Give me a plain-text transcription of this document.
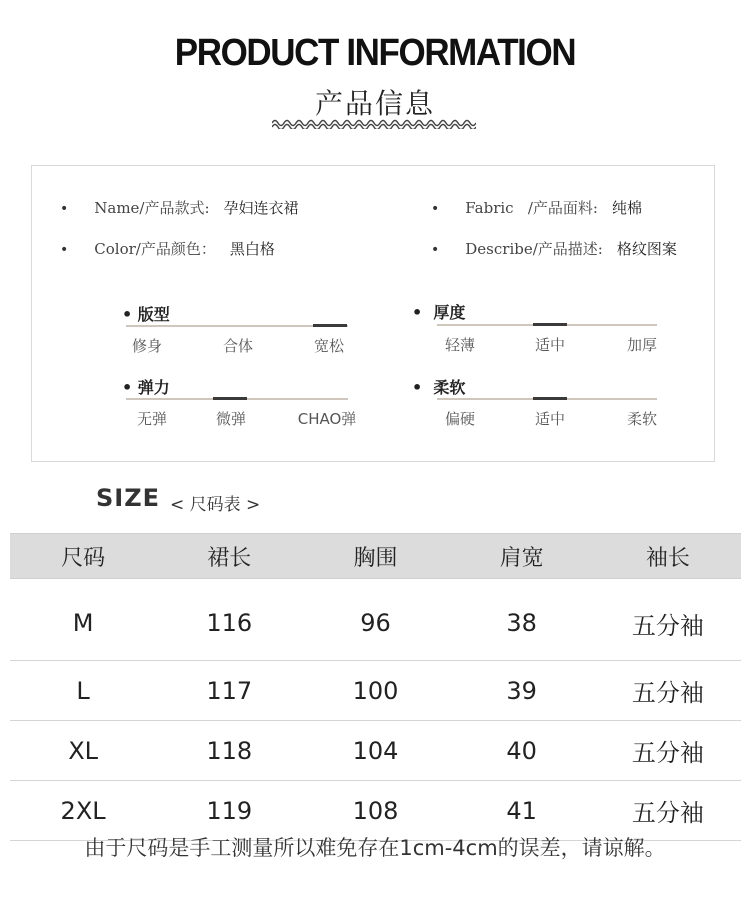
PRODUCT INFORMATION
产品信息
• Name/产品款式: 孕妇连衣裙
• Color/产品颜色： 黑白格
• Fabric   /产品面料: 纯棉
• Describe/产品描述: 格纹图案
• 版型
修身	合体	宽松
•  厚度
轻薄	适中	加厚
• 弹力
无弹	微弹	CHAO弹
•  柔软
偏硬	适中	柔软
SIZE < 尺码表 >
尺码	裙长	胸围	肩宽	袖长
M	116	96	38	五分袖
L	117	100	39	五分袖
XL	118	104	40	五分袖
2XL	119	108	41	五分袖
由于尺码是手工测量所以难免存在1cm-4cm的误差，请谅解。
